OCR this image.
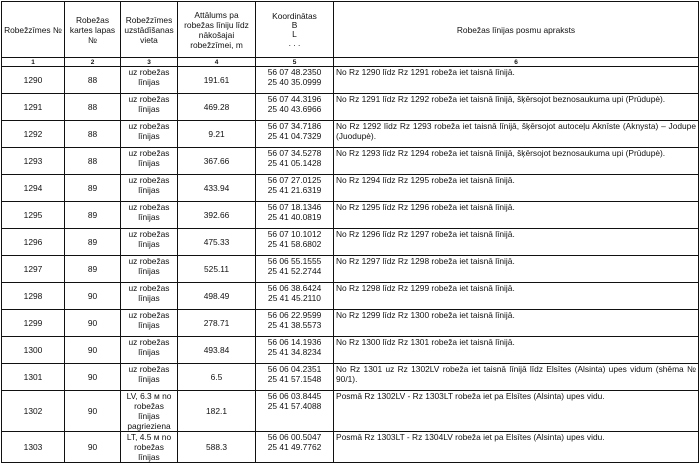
Robežzīmes №	Robežas kartes lapas №	Robežzīmes uzstādīšanas vieta	Attālums pa robežas līniju līdz nākošajai robežzīmei, m	Koordinātas
B
L
. . .	Robežas līnijas posmu apraksts
1	2	3	4	5	6
1290	88	uz robežas līnijas	191.61	56 07 48.2350
25 40 35.0999	No Rz 1290 līdz Rz 1291 robeža iet taisnā līnijā.
1291	88	uz robežas līnijas	469.28	56 07 44.3196
25 40 43.6966	No Rz 1291 līdz Rz 1292 robeža iet taisnā līnijā, šķērsojot beznosaukuma upi (Prūdupė).
1292	88	uz robežas līnijas	9.21	56 07 34.7186
25 41 04.7329	No Rz 1292 līdz Rz 1293 robeža iet taisnā līnijā, šķērsojot autoceļu Aknīste (Aknysta) – Jodupe (Juodupė).
1293	88	uz robežas līnijas	367.66	56 07 34.5278
25 41 05.1428	No Rz 1293 līdz Rz 1294 robeža iet taisnā līnijā, šķērsojot beznosaukuma upi (Prūdupė).
1294	89	uz robežas līnijas	433.94	56 07 27.0125
25 41 21.6319	No Rz 1294 līdz Rz 1295 robeža iet taisnā līnijā.
1295	89	uz robežas līnijas	392.66	56 07 18.1346
25 41 40.0819	No Rz 1295 līdz Rz 1296 robeža iet taisnā līnijā.
1296	89	uz robežas līnijas	475.33	56 07 10.1012
25 41 58.6802	No Rz 1296 līdz Rz 1297 robeža iet taisnā līnijā.
1297	89	uz robežas līnijas	525.11	56 06 55.1555
25 41 52.2744	No Rz 1297 līdz Rz 1298 robeža iet taisnā līnijā.
1298	90	uz robežas līnijas	498.49	56 06 38.6424
25 41 45.2110	No Rz 1298 līdz Rz 1299 robeža iet taisnā līnijā.
1299	90	uz robežas līnijas	278.71	56 06 22.9599
25 41 38.5573	No Rz 1299 līdz Rz 1300 robeža iet taisnā līnijā.
1300	90	uz robežas līnijas	493.84	56 06 14.1936
25 41 34.8234	No Rz 1300 līdz Rz 1301 robeža iet taisnā līnijā.
1301	90	uz robežas līnijas	6.5	56 06 04.2351
25 41 57.1548	No Rz 1301 uz Rz 1302LV robeža iet taisnā līnijā līdz Elsītes (Alsinta) upes vidum (shēma № 90/1).
1302	90	LV, 6.3 м no robežas līnijas pagrieziena	182.1	56 06 03.8445
25 41 57.4088	Posmā Rz 1302LV - Rz 1303LT robeža iet pa Elsītes (Alsinta) upes vidu.
1303	90	LT, 4.5 м no robežas līnijas	588.3	56 06 00.5047
25 41 49.7762	Posmā Rz 1303LT - Rz 1304LV robeža iet pa Elsītes (Alsinta) upes vidu.
